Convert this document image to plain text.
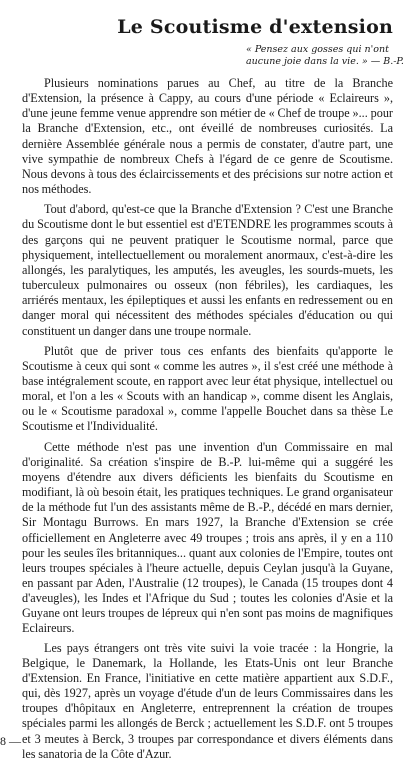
Le Scoutisme d'extension
« Pensez aux gosses qui n'ont aucune joie dans la vie. » — B.-P.

Plusieurs nominations parues au Chef, au titre de la Branche d'Extension, la présence à Cappy, au cours d'une période « Eclaireurs », d'une jeune femme venue apprendre son métier de « Chef de troupe »... pour la Branche d'Extension, etc., ont éveillé de nombreuses curiosités. La dernière Assemblée générale nous a permis de constater, d'autre part, une vive sympathie de nombreux Chefs à l'égard de ce genre de Scoutisme. Nous devons à tous des éclaircissements et des précisions sur notre action et nos méthodes.

Tout d'abord, qu'est-ce que la Branche d'Extension ? C'est une Branche du Scoutisme dont le but essentiel est d'ETENDRE les programmes scouts à des garçons qui ne peuvent pratiquer le Scoutisme normal, parce que physiquement, intellectuellement ou moralement anormaux, c'est-à-dire les allongés, les paralytiques, les amputés, les aveugles, les sourds-muets, les tuberculeux pulmonaires ou osseux (non fébriles), les cardiaques, les arriérés mentaux, les épileptiques et aussi les enfants en redressement ou en danger moral qui nécessitent des méthodes spéciales d'éducation ou qui constituent un danger dans une troupe normale.

Plutôt que de priver tous ces enfants des bienfaits qu'apporte le Scoutisme à ceux qui sont « comme les autres », il s'est créé une méthode à base intégralement scoute, en rapport avec leur état physique, intellectuel ou moral, et l'on a les « Scouts with an handicap », comme disent les Anglais, ou le « Scoutisme paradoxal », comme l'appelle Bouchet dans sa thèse Le Scoutisme et l'Individualité.

Cette méthode n'est pas une invention d'un Commissaire en mal d'originalité. Sa création s'inspire de B.-P. lui-même qui a suggéré les moyens d'étendre aux divers déficients les bienfaits du Scoutisme en modifiant, là où besoin était, les pratiques techniques. Le grand organisateur de la méthode fut l'un des assistants même de B.-P., décédé en mars dernier, Sir Montagu Burrows. En mars 1927, la Branche d'Extension se crée officiellement en Angleterre avec 49 troupes ; trois ans après, il y en a 110 pour les seules îles britanniques... quant aux colonies de l'Empire, toutes ont leurs troupes spéciales à l'heure actuelle, depuis Ceylan jusqu'à la Guyane, en passant par Aden, l'Australie (12 troupes), le Canada (15 troupes dont 4 d'aveugles), les Indes et l'Afrique du Sud ; toutes les colonies d'Asie et la Guyane ont leurs troupes de lépreux qui n'en sont pas moins de magnifiques Eclaireurs.

Les pays étrangers ont très vite suivi la voie tracée : la Hongrie, la Belgique, le Danemark, la Hollande, les Etats-Unis ont leur Branche d'Extension. En France, l'initiative en cette matière appartient aux S.D.F., qui, dès 1927, après un voyage d'étude d'un de leurs Commissaires dans les troupes d'hôpitaux en Angleterre, entreprennent la création de troupes spéciales parmi les allongés de Berck ; actuellement les S.D.F. ont 5 troupes et 3 meutes à Berck, 3 troupes par correspondance et divers éléments dans les sanatoria de la Côte d'Azur.

8 —
